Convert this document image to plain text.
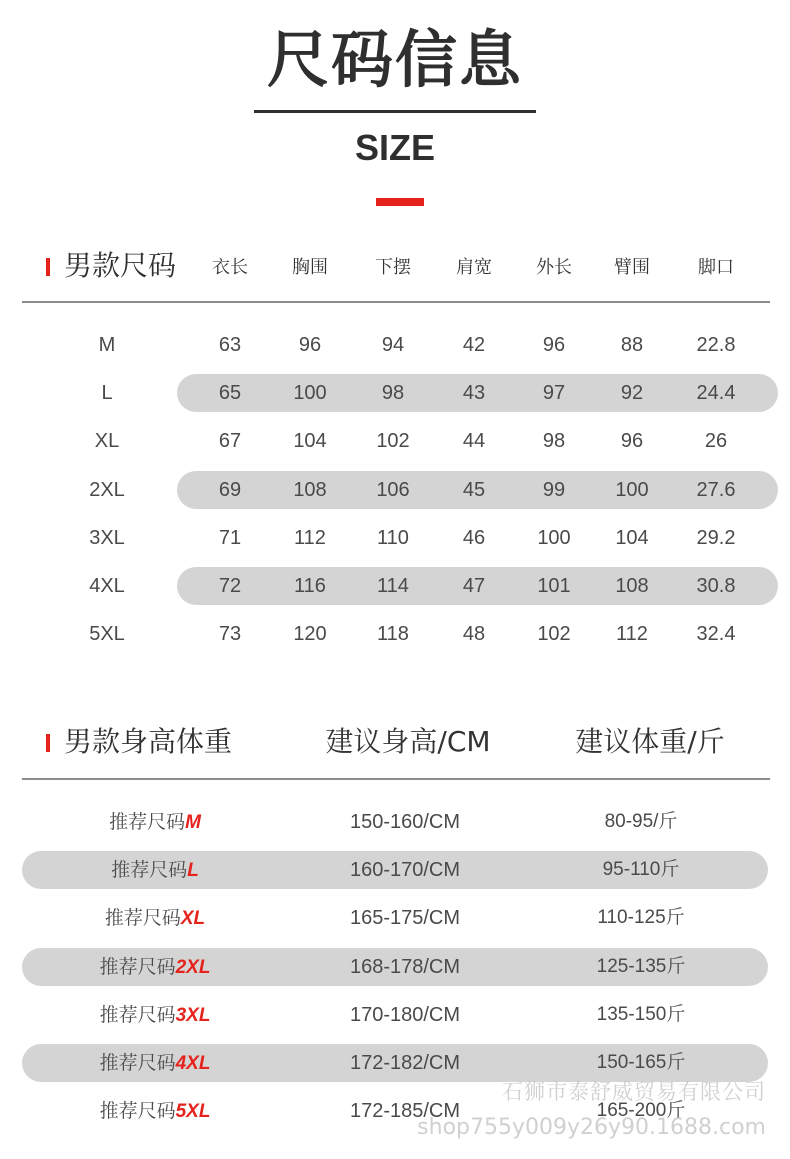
尺码信息
SIZE
男款尺码	衣长	胸围	下摆	肩宽	外长	臂围	脚口
M	63	96	94	42	96	88	22.8
L	65	100	98	43	97	92	24.4
XL	67	104	102	44	98	96	26
2XL	69	108	106	45	99	100	27.6
3XL	71	112	110	46	100	104	29.2
4XL	72	116	114	47	101	108	30.8
5XL	73	120	118	48	102	112	32.4
男款身高体重	建议身高/CM	建议体重/斤
推荐尺码M	150-160/CM	80-95/斤
推荐尺码L	160-170/CM	95-110斤
推荐尺码XL	165-175/CM	110-125斤
推荐尺码2XL	168-178/CM	125-135斤
推荐尺码3XL	170-180/CM	135-150斤
推荐尺码4XL	172-182/CM	150-165斤
推荐尺码5XL	172-185/CM	165-200斤
石狮市泰舒威贸易有限公司
shop755y009y26y90.1688.com
